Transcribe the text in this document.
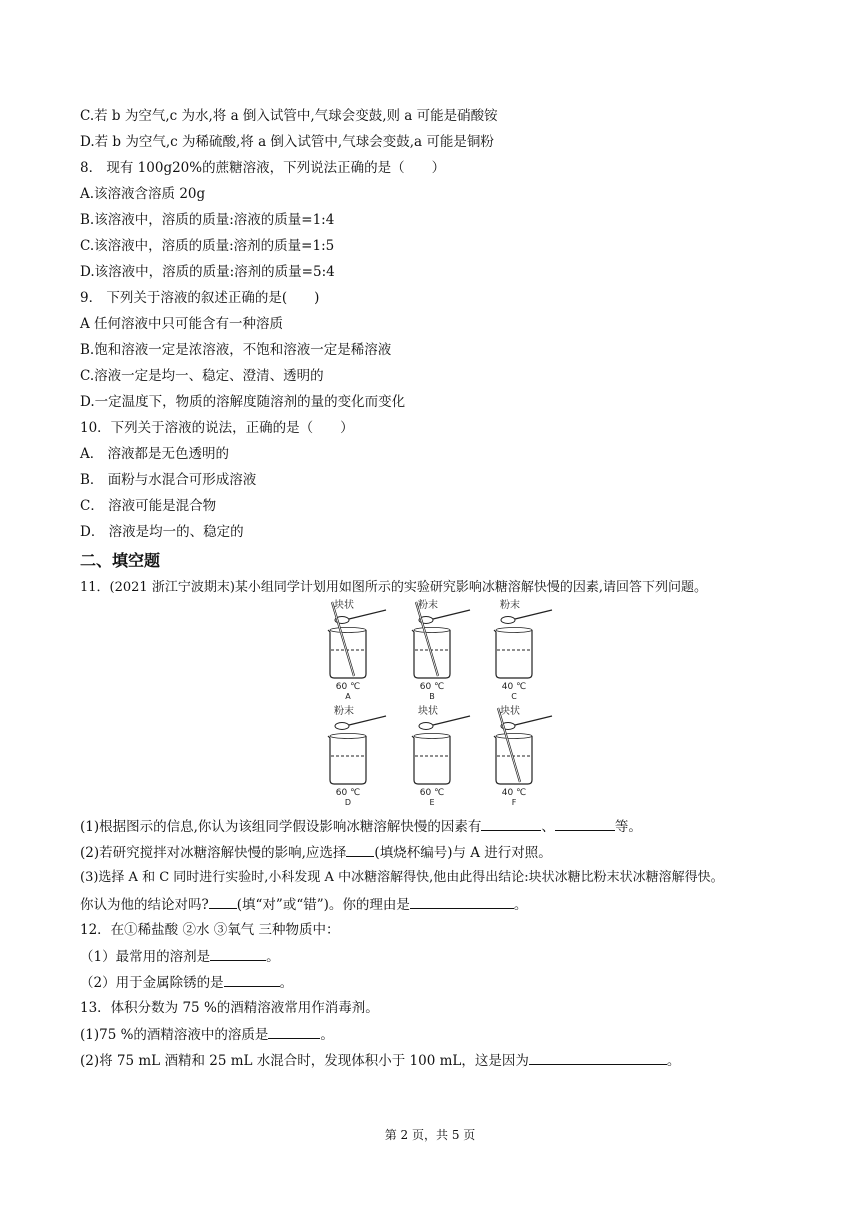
C.若 b 为空气,c 为水,将 a 倒入试管中,气球会变鼓,则 a 可能是硝酸铵
D.若 b 为空气,c 为稀硫酸,将 a 倒入试管中,气球会变鼓,a 可能是铜粉
8． 现有 100g20%的蔗糖溶液，下列说法正确的是（　　）
A.该溶液含溶质 20g
B.该溶液中，溶质的质量:溶液的质量=1:4
C.该溶液中，溶质的质量:溶剂的质量=1:5
D.该溶液中，溶质的质量:溶剂的质量=5:4
9． 下列关于溶液的叙述正确的是(　　)
A 任何溶液中只可能含有一种溶质
B.饱和溶液一定是浓溶液，不饱和溶液一定是稀溶液
C.溶液一定是均一、稳定、澄清、透明的
D.一定温度下，物质的溶解度随溶剂的量的变化而变化
10．下列关于溶液的说法，正确的是（　　）
A． 溶液都是无色透明的
B． 面粉与水混合可形成溶液
C． 溶液可能是混合物
D． 溶液是均一的、稳定的
二、填空题
11．(2021 浙江宁波期末)某小组同学计划用如图所示的实验研究影响冰糖溶解快慢的因素,请回答下列问题。
块状
60 ℃
A
粉末
60 ℃
B
粉末
40 ℃
C
粉末
60 ℃
D
块状
60 ℃
E
块状
40 ℃
F
(1)根据图示的信息,你认为该组同学假设影响冰糖溶解快慢的因素有	、	等。
(2)若研究搅拌对冰糖溶解快慢的影响,应选择 (填烧杯编号)与 A 进行对照。
(3)选择 A 和 C 同时进行实验时,小科发现 A 中冰糖溶解得快,他由此得出结论:块状冰糖比粉末状冰糖溶解得快。
你认为他的结论对吗? (填“对”或“错”)。你的理由是	。
12．在①稀盐酸 ②水 ③氧气 三种物质中：
（1）最常用的溶剂是	。
（2）用于金属除锈的是	。
13．体积分数为 75 %的酒精溶液常用作消毒剂。
(1)75 %的酒精溶液中的溶质是	。
(2)将 75 mL 酒精和 25 mL 水混合时，发现体积小于 100 mL，这是因为	。
第 2 页，共 5 页
